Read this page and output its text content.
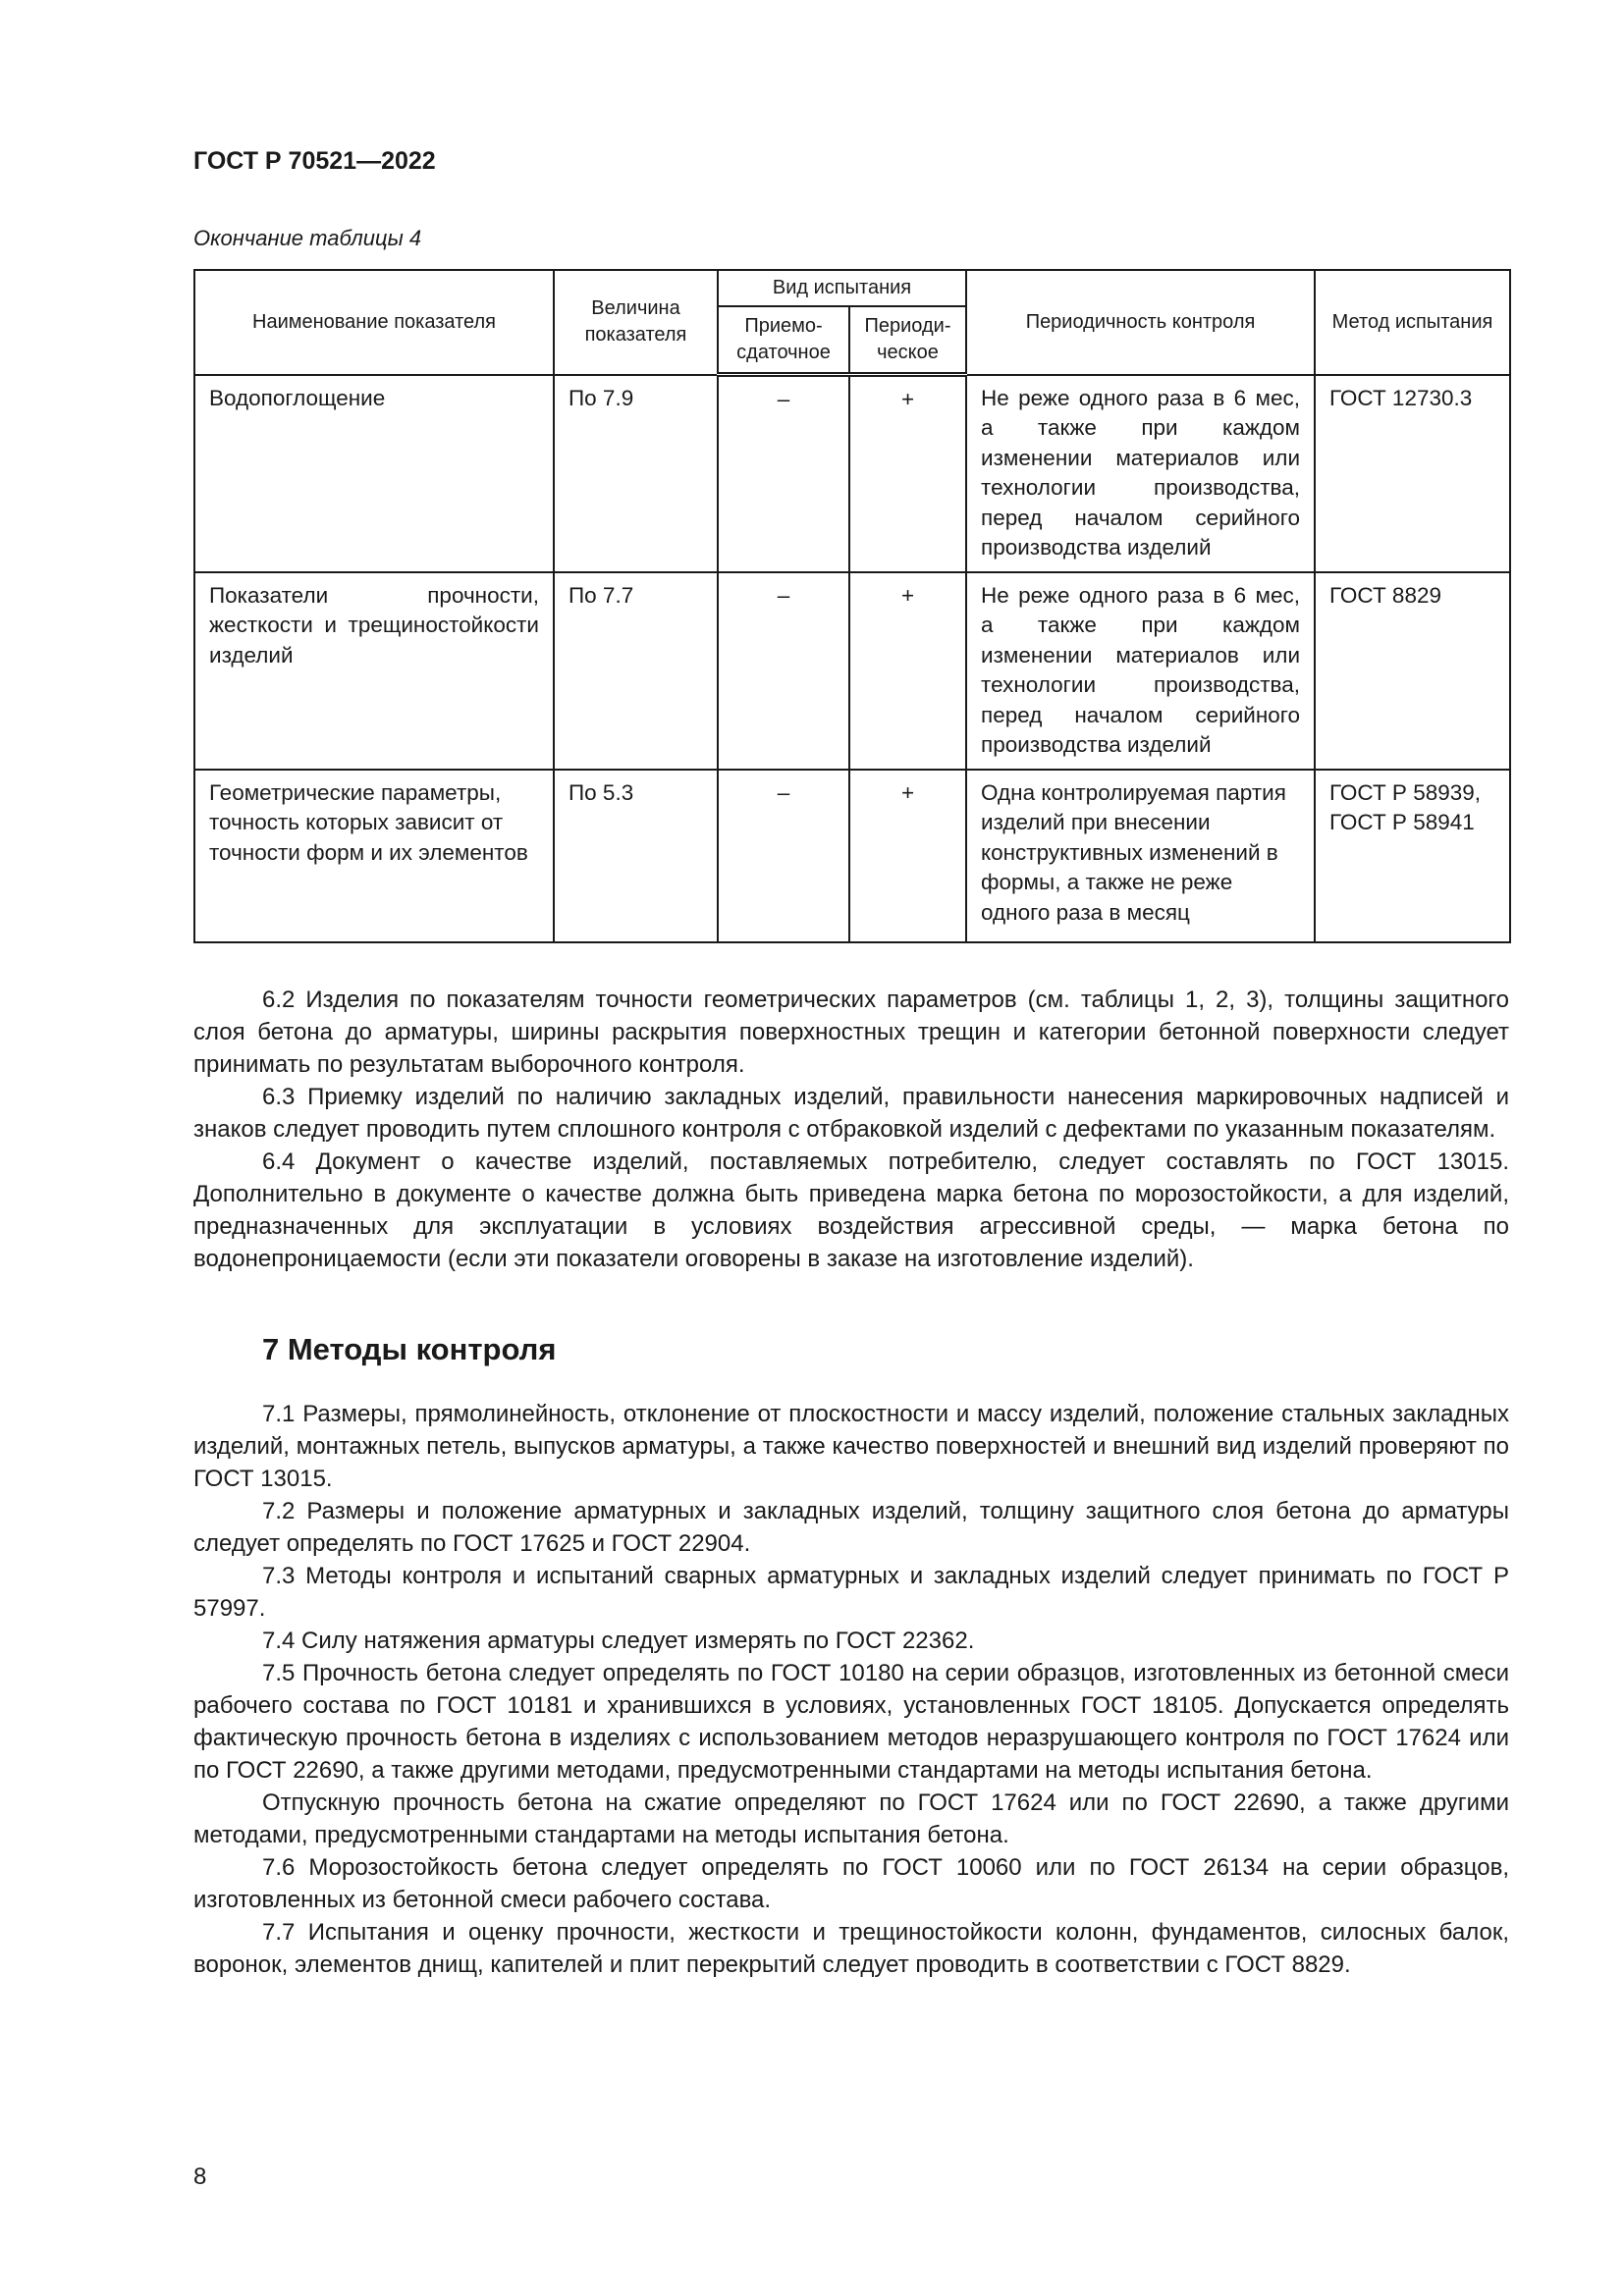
ГОСТ Р 70521—2022
Окончание таблицы 4
Наименование показателя	Величина показателя	Вид испытания		Периодичность контроля	Метод испытания
		Приемо-сдаточное	Периоди-ческое		
Водопоглощение	По 7.9	–	+	Не реже одного раза в 6 мес, а также при каждом изменении материалов или технологии производства, перед началом серийного производства изделий	ГОСТ 12730.3
Показатели прочности, жесткости и трещиностойкости изделий	По 7.7	–	+	Не реже одного раза в 6 мес, а также при каждом изменении материалов или технологии производства, перед началом серийного производства изделий	ГОСТ 8829
Геометрические параметры, точность которых зависит от точности форм и их элементов	По 5.3	–	+	Одна контролируемая партия изделий при внесении конструктивных изменений в формы, а также не реже одного раза в месяц	ГОСТ Р 58939, ГОСТ Р 58941

6.2 Изделия по показателям точности геометрических параметров (см. таблицы 1, 2, 3), толщины защитного слоя бетона до арматуры, ширины раскрытия поверхностных трещин и категории бетонной поверхности следует принимать по результатам выборочного контроля.

6.3 Приемку изделий по наличию закладных изделий, правильности нанесения маркировочных надписей и знаков следует проводить путем сплошного контроля с отбраковкой изделий с дефектами по указанным показателям.

6.4 Документ о качестве изделий, поставляемых потребителю, следует составлять по ГОСТ 13015. Дополнительно в документе о качестве должна быть приведена марка бетона по морозостойкости, а для изделий, предназначенных для эксплуатации в условиях воздействия агрессивной среды, — марка бетона по водонепроницаемости (если эти показатели оговорены в заказе на изготовление изделий).

7 Методы контроля

7.1 Размеры, прямолинейность, отклонение от плоскостности и массу изделий, положение стальных закладных изделий, монтажных петель, выпусков арматуры, а также качество поверхностей и внешний вид изделий проверяют по ГОСТ 13015.

7.2 Размеры и положение арматурных и закладных изделий, толщину защитного слоя бетона до арматуры следует определять по ГОСТ 17625 и ГОСТ 22904.

7.3 Методы контроля и испытаний сварных арматурных и закладных изделий следует принимать по ГОСТ Р 57997.

7.4 Силу натяжения арматуры следует измерять по ГОСТ 22362.

7.5 Прочность бетона следует определять по ГОСТ 10180 на серии образцов, изготовленных из бетонной смеси рабочего состава по ГОСТ 10181 и хранившихся в условиях, установленных ГОСТ 18105. Допускается определять фактическую прочность бетона в изделиях с использованием методов неразрушающего контроля по ГОСТ 17624 или по ГОСТ 22690, а также другими методами, предусмотренными стандартами на методы испытания бетона.

Отпускную прочность бетона на сжатие определяют по ГОСТ 17624 или по ГОСТ 22690, а также другими методами, предусмотренными стандартами на методы испытания бетона.

7.6 Морозостойкость бетона следует определять по ГОСТ 10060 или по ГОСТ 26134 на серии образцов, изготовленных из бетонной смеси рабочего состава.

7.7 Испытания и оценку прочности, жесткости и трещиностойкости колонн, фундаментов, силосных балок, воронок, элементов днищ, капителей и плит перекрытий следует проводить в соответствии с ГОСТ 8829.

8
